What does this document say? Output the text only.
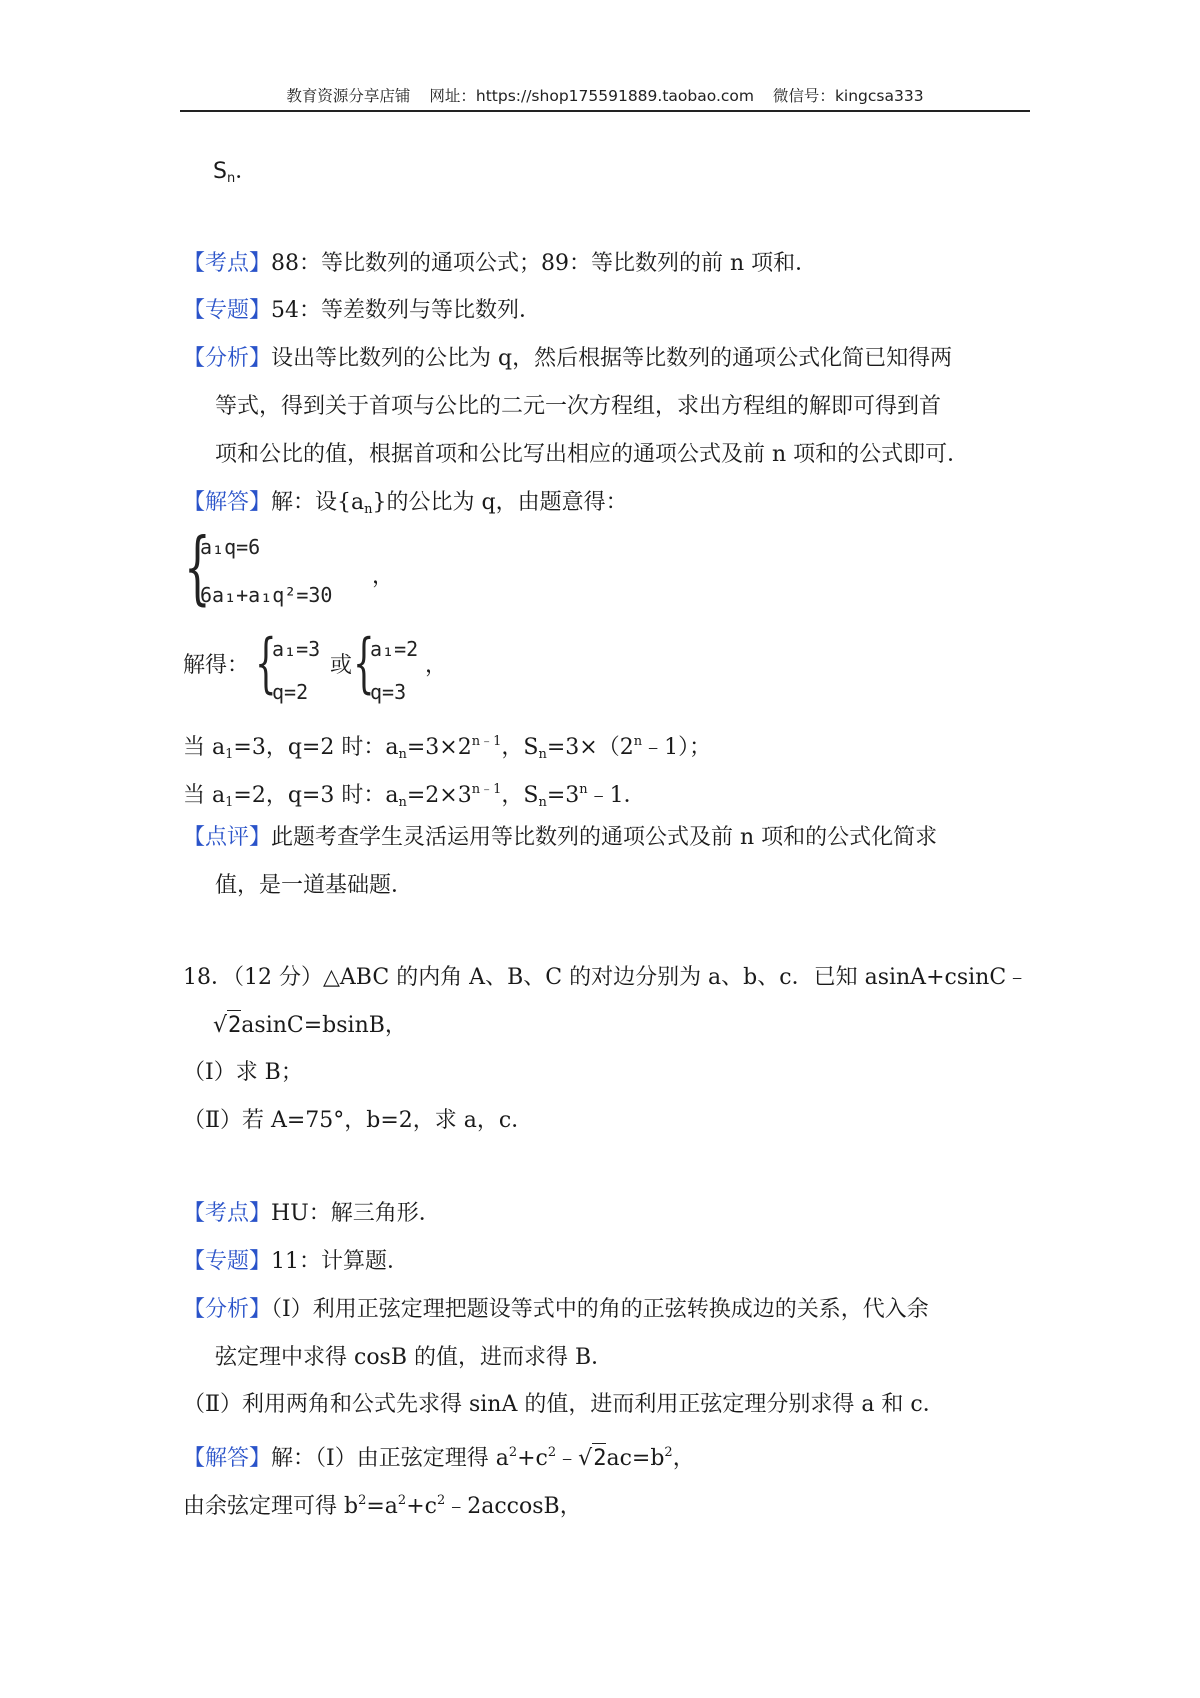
教育资源分享店铺 网址：https://shop175591889.taobao.com 微信号：kingcsa333
$S_n$．
【考点】88：等比数列的通项公式；89：等比数列的前 n 项和．
【专题】54：等差数列与等比数列．
【分析】设出等比数列的公比为 q，然后根据等比数列的通项公式化简已知得两
等式，得到关于首项与公比的二元一次方程组，求出方程组的解即可得到首
项和公比的值，根据首项和公比写出相应的通项公式及前 n 项和的公式即可．
【解答】解：设$\{a_n\}$的公比为 q，由题意得：
{
a₁q=6
6a₁+a₁q²=30
，
解得： {
a₁=3
q=2
或 {
a₁=2
q=3
，
当 $a_1=3$，q=2 时：$a_n=3\times 2^{n﹣1}$，$S_n=3\times(2^n﹣1)$；
当 $a_1=2$，q=3 时：$a_n=2\times 3^{n﹣1}$，$S_n=3^n﹣1$．
【点评】此题考查学生灵活运用等比数列的通项公式及前 n 项和的公式化简求
值，是一道基础题．
18．（12 分）△ABC 的内角 A、B、C 的对边分别为 a、b、c．已知 asinA+csinC﹣
√2asinC=bsinB，
（Ⅰ）求 B；
（Ⅱ）若 A=75°，b=2，求 a，c．
【考点】HU：解三角形．
【专题】11：计算题．
【分析】（Ⅰ）利用正弦定理把题设等式中的角的正弦转换成边的关系，代入余
弦定理中求得 cosB 的值，进而求得 B．
（Ⅱ）利用两角和公式先求得 sinA 的值，进而利用正弦定理分别求得 a 和 c．
【解答】解：（Ⅰ）由正弦定理得 $a^2+c^2﹣√2ac=b^2$，
由余弦定理可得 $b^2=a^2+c^2﹣2accosB$，
